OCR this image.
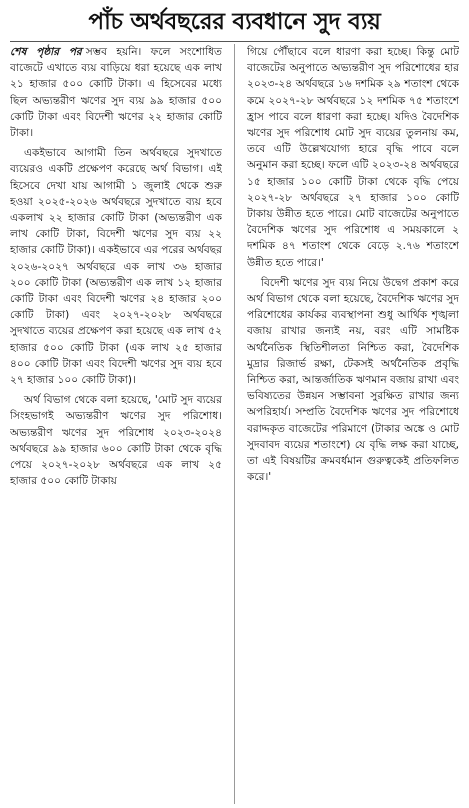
পাঁচ অর্থবছরের ব্যবধানে সুদ ব্যয়

শেষ পৃষ্ঠার পর সম্ভব হয়নি। ফলে সংশোধিত বাজেটে এখাতে ব্যয় বাড়িয়ে ধরা হয়েছে এক লাখ ২১ হাজার ৫০০ কোটি টাকা। এ হিসেবের মধ্যে ছিল অভ্যন্তরীণ ঋণের সুদ ব্যয় ৯৯ হাজার ৫০০ কোটি টাকা এবং বিদেশী ঋণের ২২ হাজার কোটি টাকা।

একইভাবে আগামী তিন অর্থবছরে সুদখাতে ব্যয়েরও একটি প্রক্ষেপণ করেছে অর্থ বিভাগ। এই হিসেবে দেখা যায় আগামী ১ জুলাই থেকে শুরু হওয়া ২০২৫-২০২৬ অর্থবছরে সুদখাতে ব্যয় হবে একলাখ ২২ হাজার কোটি টাকা (অভ্যন্তরীণ এক লাখ কোটি টাকা, বিদেশী ঋণের সুদ ব্যয় ২২ হাজার কোটি টাকা)। একইভাবে এর পরের অর্থবছর ২০২৬-২০২৭ অর্থবছরে এক লাখ ৩৬ হাজার ২০০ কোটি টাকা (অভ্যন্তরীণ এক লাখ ১২ হাজার কোটি টাকা এবং বিদেশী ঋণের ২৪ হাজার ২০০ কোটি টাকা) এবং ২০২৭-২০২৮ অর্থবছরে সুদখাতে ব্যয়ের প্রক্ষেপণ করা হয়েছে এক লাখ ৫২ হাজার ৫০০ কোটি টাকা (এক লাখ ২৫ হাজার ৪০০ কোটি টাকা এবং বিদেশী ঋণের সুদ ব্যয় হবে ২৭ হাজার ১০০ কোটি টাকা)।

অর্থ বিভাগ থেকে বলা হয়েছে, 'মোট সুদ ব্যয়ের সিংহভাগই অভ্যন্তরীণ ঋণের সুদ পরিশোধ। অভ্যন্তরীণ ঋণের সুদ পরিশোধ ২০২৩-২০২৪ অর্থবছরে ৯৯ হাজার ৬০০ কোটি টাকা থেকে বৃদ্ধি পেয়ে ২০২৭-২০২৮ অর্থবছরে এক লাখ ২৫ হাজার ৫০০ কোটি টাকায়

গিয়ে পৌঁছাবে বলে ধারণা করা হচ্ছে। কিন্তু মোট বাজেটের অনুপাতে অভ্যন্তরীণ সুদ পরিশোধের হার ২০২৩-২৪ অর্থবছরে ১৬ দশমিক ২৯ শতাংশ থেকে কমে ২০২৭-২৮ অর্থবছরে ১২ দশমিক ৭৫ শতাংশে হ্রাস পাবে বলে ধারণা করা হচ্ছে। যদিও বৈদেশিক ঋণের সুদ পরিশোধ মোট সুদ ব্যয়ের তুলনায় কম, তবে এটি উল্লেখযোগ্য হারে বৃদ্ধি পাবে বলে অনুমান করা হচ্ছে। ফলে এটি ২০২৩-২৪ অর্থবছরে ১৫ হাজার ১০০ কোটি টাকা থেকে বৃদ্ধি পেয়ে ২০২৭-২৮ অর্থবছরে ২৭ হাজার ১০০ কোটি টাকায় উন্নীত হতে পারে। মোট বাজেটের অনুপাতে বৈদেশিক ঋণের সুদ পরিশোধ এ সময়কালে ২ দশমিক ৪৭ শতাংশ থেকে বেড়ে ২.৭৬ শতাংশে উন্নীত হতে পারে।'

বিদেশী ঋণের সুদ ব্যয় নিয়ে উদ্বেগ প্রকাশ করে অর্থ বিভাগ থেকে বলা হয়েছে, বৈদেশিক ঋণের সুদ পরিশোধের কার্যকর ব্যবস্থাপনা শুধু আর্থিক শৃঙ্খলা বজায় রাখার জন্যই নয়, বরং এটি সামষ্টিক অর্থনৈতিক স্থিতিশীলতা নিশ্চিত করা, বৈদেশিক মুদ্রার রিজার্ভ রক্ষা, টেকসই অর্থনৈতিক প্রবৃদ্ধি নিশ্চিত করা, আন্তর্জাতিক ঋণমান বজায় রাখা এবং ভবিষ্যতের উন্নয়ন সম্ভাবনা সুরক্ষিত রাখার জন্য অপরিহার্য। সম্প্রতি বৈদেশিক ঋণের সুদ পরিশোধে বরাদ্দকৃত বাজেটের পরিমাণে (টাকার অঙ্কে ও মোট সুদবাবদ ব্যয়ের শতাংশে) যে বৃদ্ধি লক্ষ করা যাচ্ছে, তা এই বিষয়টির ক্রমবর্ধমান গুরুত্বকেই প্রতিফলিত করে।'
